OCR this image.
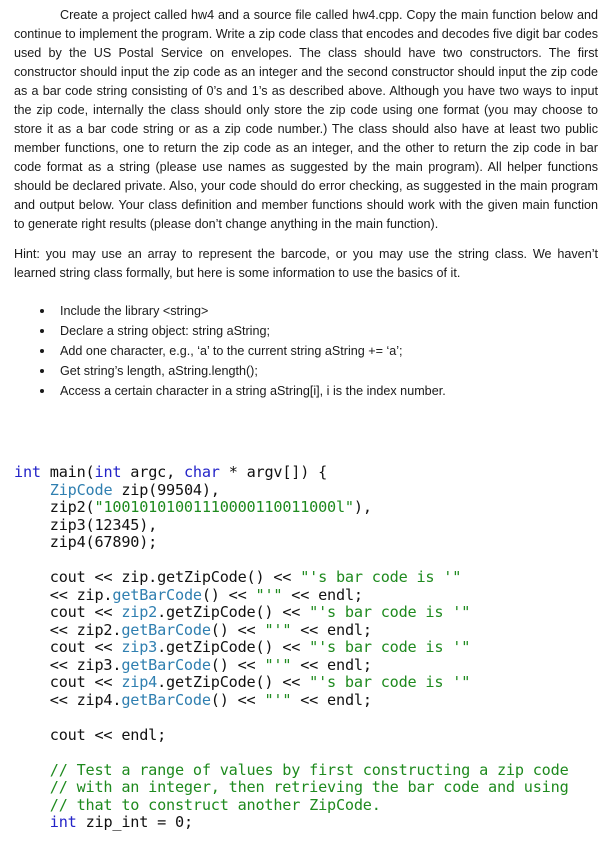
Create a project called hw4 and a source file called hw4.cpp. Copy the main function below and continue to implement the program. Write a zip code class that encodes and decodes five digit bar codes used by the US Postal Service on envelopes. The class should have two constructors. The first constructor should input the zip code as an integer and the second constructor should input the zip code as a bar code string consisting of 0’s and 1’s as described above. Although you have two ways to input the zip code, internally the class should only store the zip code using one format (you may choose to store it as a bar code string or as a zip code number.) The class should also have at least two public member functions, one to return the zip code as an integer, and the other to return the zip code in bar code format as a string (please use names as suggested by the main program). All helper functions should be declared private. Also, your code should do error checking, as suggested in the main program and output below. Your class definition and member functions should work with the given main function to generate right results (please don’t change anything in the main function).

Hint: you may use an array to represent the barcode, or you may use the string class. We haven’t learned string class formally, but here is some information to use the basics of it.

Include the library <string>
Declare a string object: string aString;
Add one character, e.g., ‘a’ to the current string aString += ‘a’;
Get string’s length, aString.length();
Access a certain character in a string aString[i], i is the index number.
int main(int argc, char * argv[]) {
ZipCode zip(99504),
zip2("10010101001110000110011000l"),
zip3(12345),
zip4(67890);
cout << zip.getZipCode() << "'s bar code is '"
<< zip.getBarCode() << "'" << endl;
cout << zip2.getZipCode() << "'s bar code is '"
<< zip2.getBarCode() << "'" << endl;
cout << zip3.getZipCode() << "'s bar code is '"
<< zip3.getBarCode() << "'" << endl;
cout << zip4.getZipCode() << "'s bar code is '"
<< zip4.getBarCode() << "'" << endl;
cout << endl;
// Test a range of values by first constructing a zip code
// with an integer, then retrieving the bar code and using
// that to construct another ZipCode.
int zip_int = 0;
